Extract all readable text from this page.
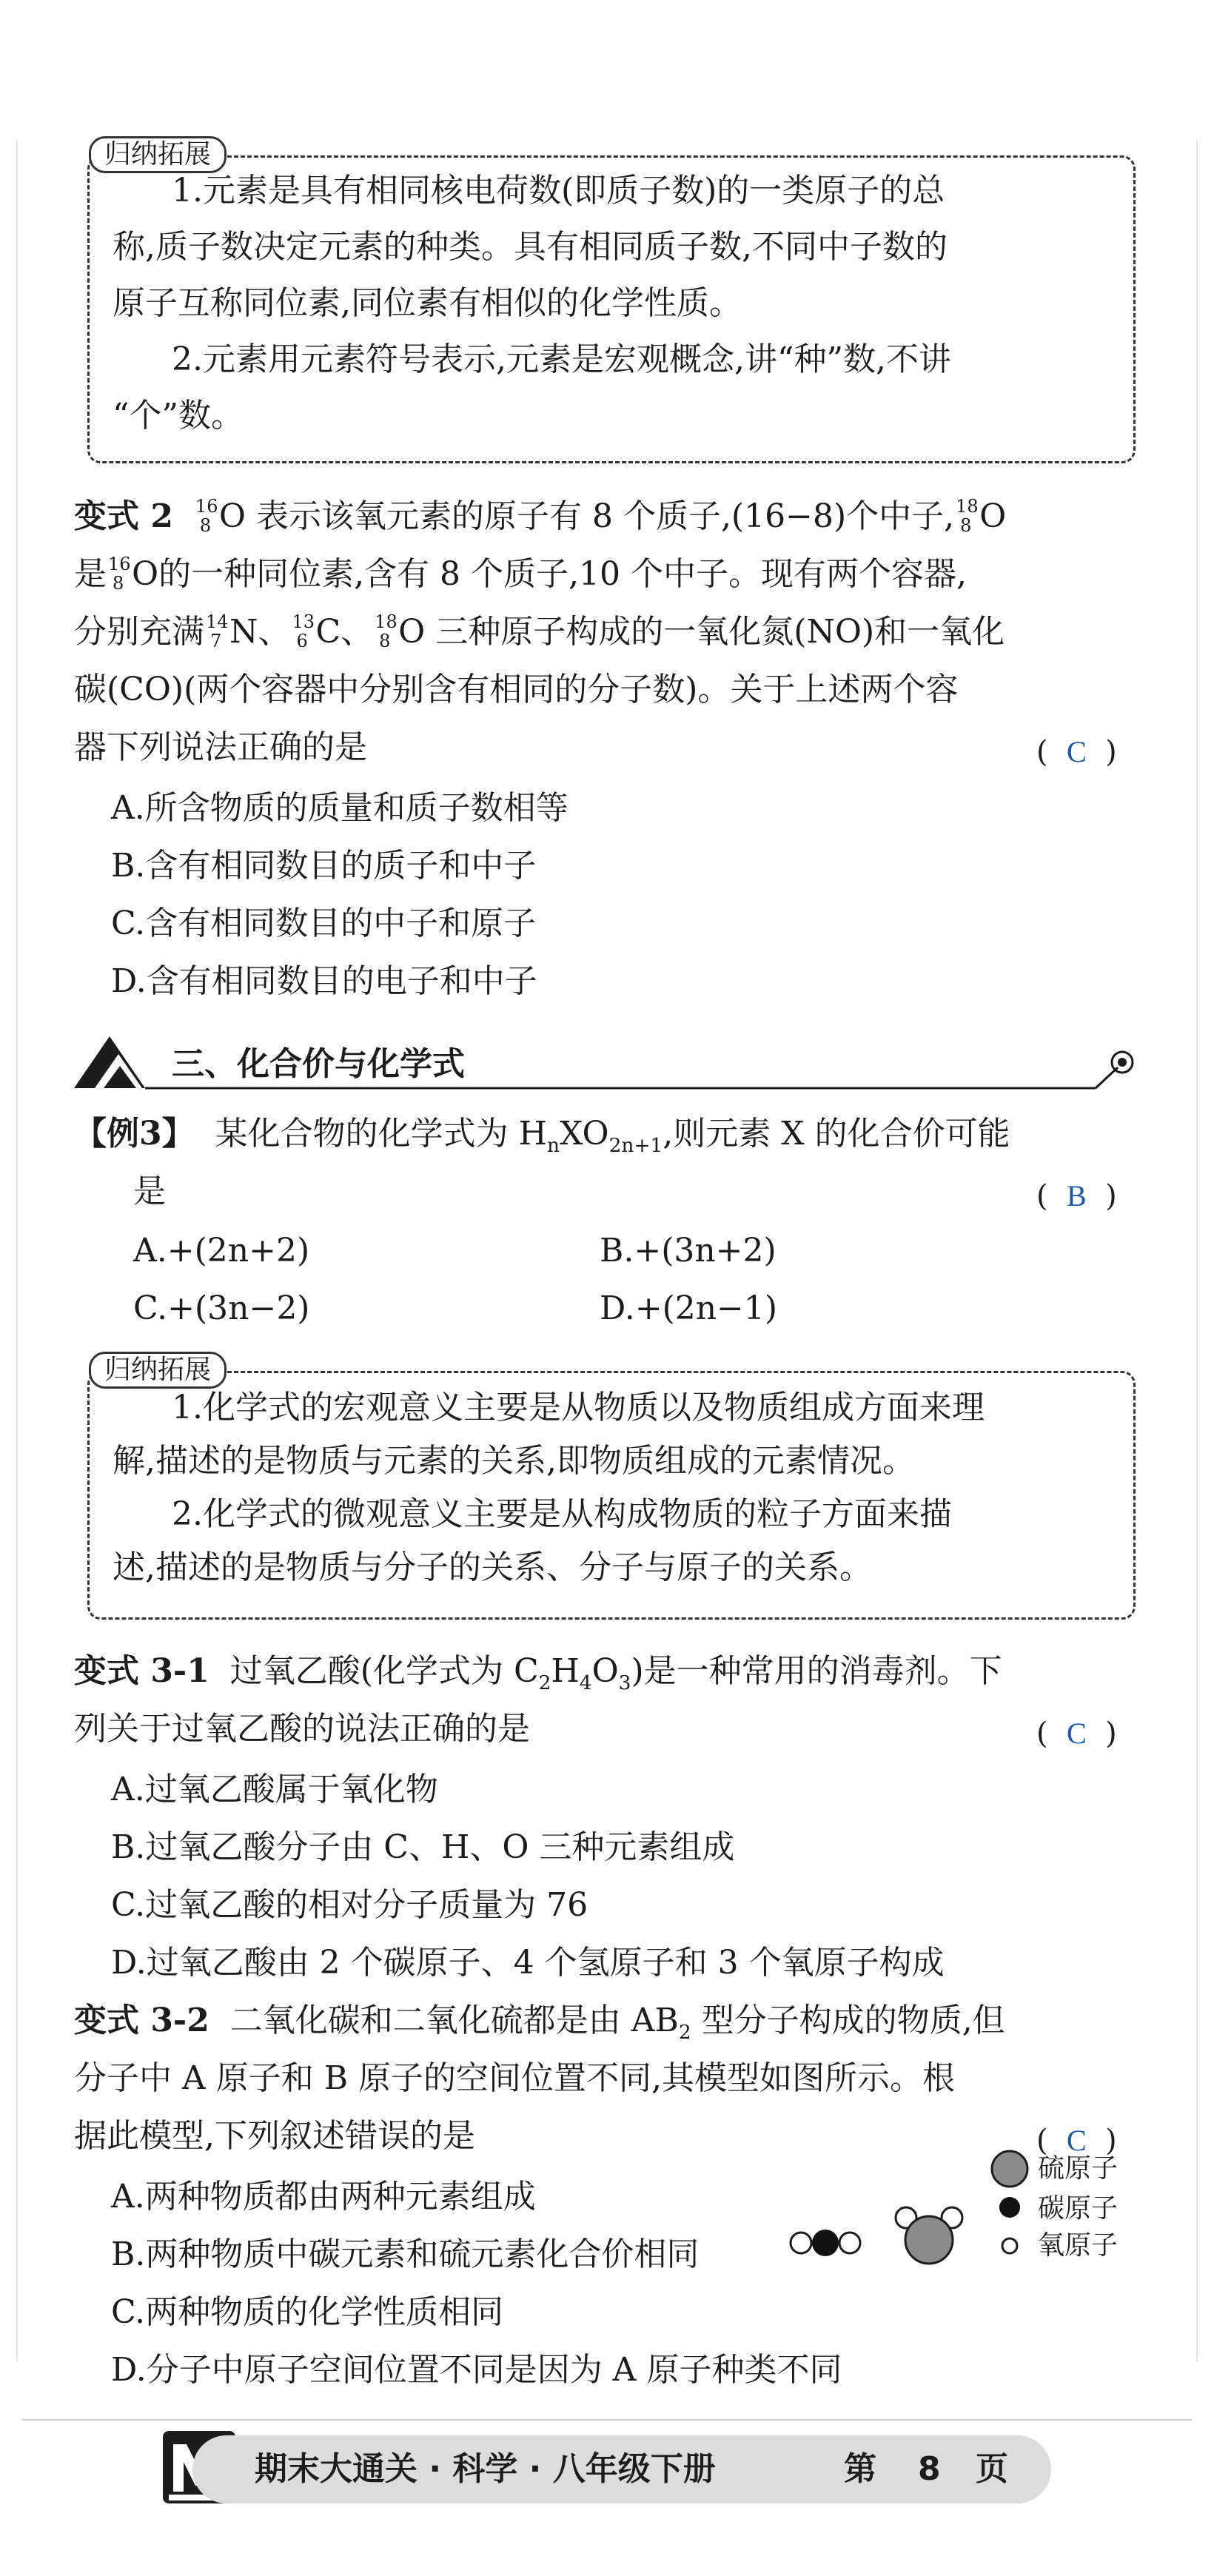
归纳拓展
1.元素是具有相同核电荷数(即质子数)的一类原子的总
称,质子数决定元素的种类。具有相同质子数,不同中子数的
原子互称同位素,同位素有相似的化学性质。
2.元素用元素符号表示,元素是宏观概念,讲“种”数,不讲
“个”数。
变式 2 16
8 O 表示该氧元素的原子有 8 个质子,(16−8)个中子, 18
8 O
是 16
8 O的一种同位素,含有 8 个质子,10 个中子。现有两个容器,
分别充满 14
7 N、 13
6 C、 18
8 O 三种原子构成的一氧化氮(NO)和一氧化
碳(CO)(两个容器中分别含有相同的分子数)。关于上述两个容
器下列说法正确的是	( C )
A.所含物质的质量和质子数相等
B.含有相同数目的质子和中子
C.含有相同数目的中子和原子
D.含有相同数目的电子和中子
三、化合价与化学式
【例3】 某化合物的化学式为 $H_nXO_{2n+1}$,则元素 X 的化合价可能
是	( B )
A.+(2n+2)	B.+(3n+2)
C.+(3n−2)	D.+(2n−1)
归纳拓展
1.化学式的宏观意义主要是从物质以及物质组成方面来理
解,描述的是物质与元素的关系,即物质组成的元素情况。
2.化学式的微观意义主要是从构成物质的粒子方面来描
述,描述的是物质与分子的关系、分子与原子的关系。
变式 3-1 过氧乙酸(化学式为 $C_2H_4O_3$)是一种常用的消毒剂。下
列关于过氧乙酸的说法正确的是	( C )
A.过氧乙酸属于氧化物
B.过氧乙酸分子由 C、H、O 三种元素组成
C.过氧乙酸的相对分子质量为 76
D.过氧乙酸由 2 个碳原子、4 个氢原子和 3 个氧原子构成
变式 3-2 二氧化碳和二氧化硫都是由 $AB_2$ 型分子构成的物质,但
分子中 A 原子和 B 原子的空间位置不同,其模型如图所示。根
据此模型,下列叙述错误的是	( C )
A.两种物质都由两种元素组成
B.两种物质中碳元素和硫元素化合价相同
C.两种物质的化学性质相同
D.分子中原子空间位置不同是因为 A 原子种类不同
硫原子
碳原子
氧原子
期末大通关 · 科学 · 八年级下册	第 8 页
